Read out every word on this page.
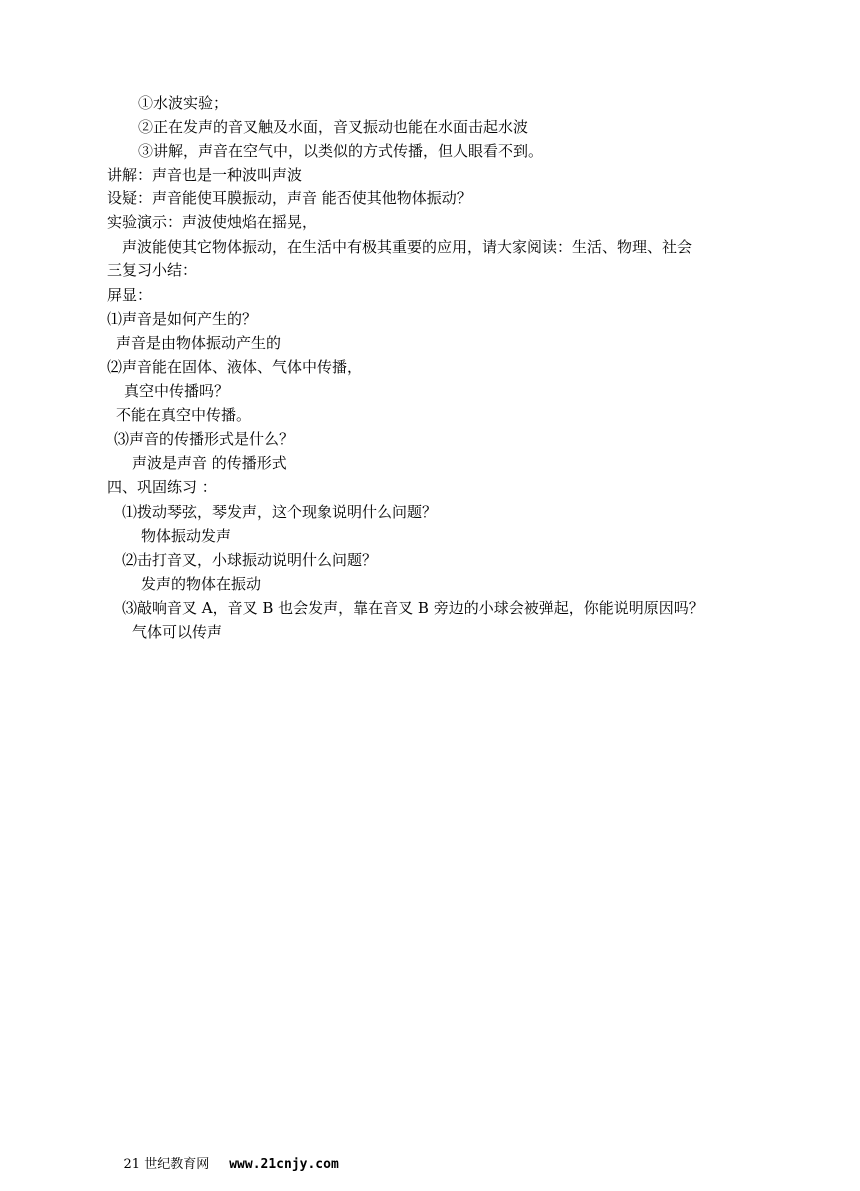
①水波实验；
②正在发声的音叉触及水面，音叉振动也能在水面击起水波
③讲解，声音在空气中，以类似的方式传播，但人眼看不到。
讲解：声音也是一种波叫声波
设疑：声音能使耳膜振动，声音 能否使其他物体振动？
实验演示：声波使烛焰在摇晃，
声波能使其它物体振动，在生活中有极其重要的应用，请大家阅读：生活、物理、社会
三复习小结：
屏显：
⑴声音是如何产生的？
声音是由物体振动产生的
⑵声音能在固体、液体、气体中传播，
真空中传播吗？
不能在真空中传播。
⑶声音的传播形式是什么？
声波是声音 的传播形式
四、巩固练习 ：
⑴拨动琴弦，琴发声，这个现象说明什么问题？
物体振动发声
⑵击打音叉，小球振动说明什么问题？
发声的物体在振动
⑶敲响音叉 A，音叉 B 也会发声，靠在音叉 B 旁边的小球会被弹起，你能说明原因吗？
气体可以传声

21 世纪教育网 www.21cnjy.com
